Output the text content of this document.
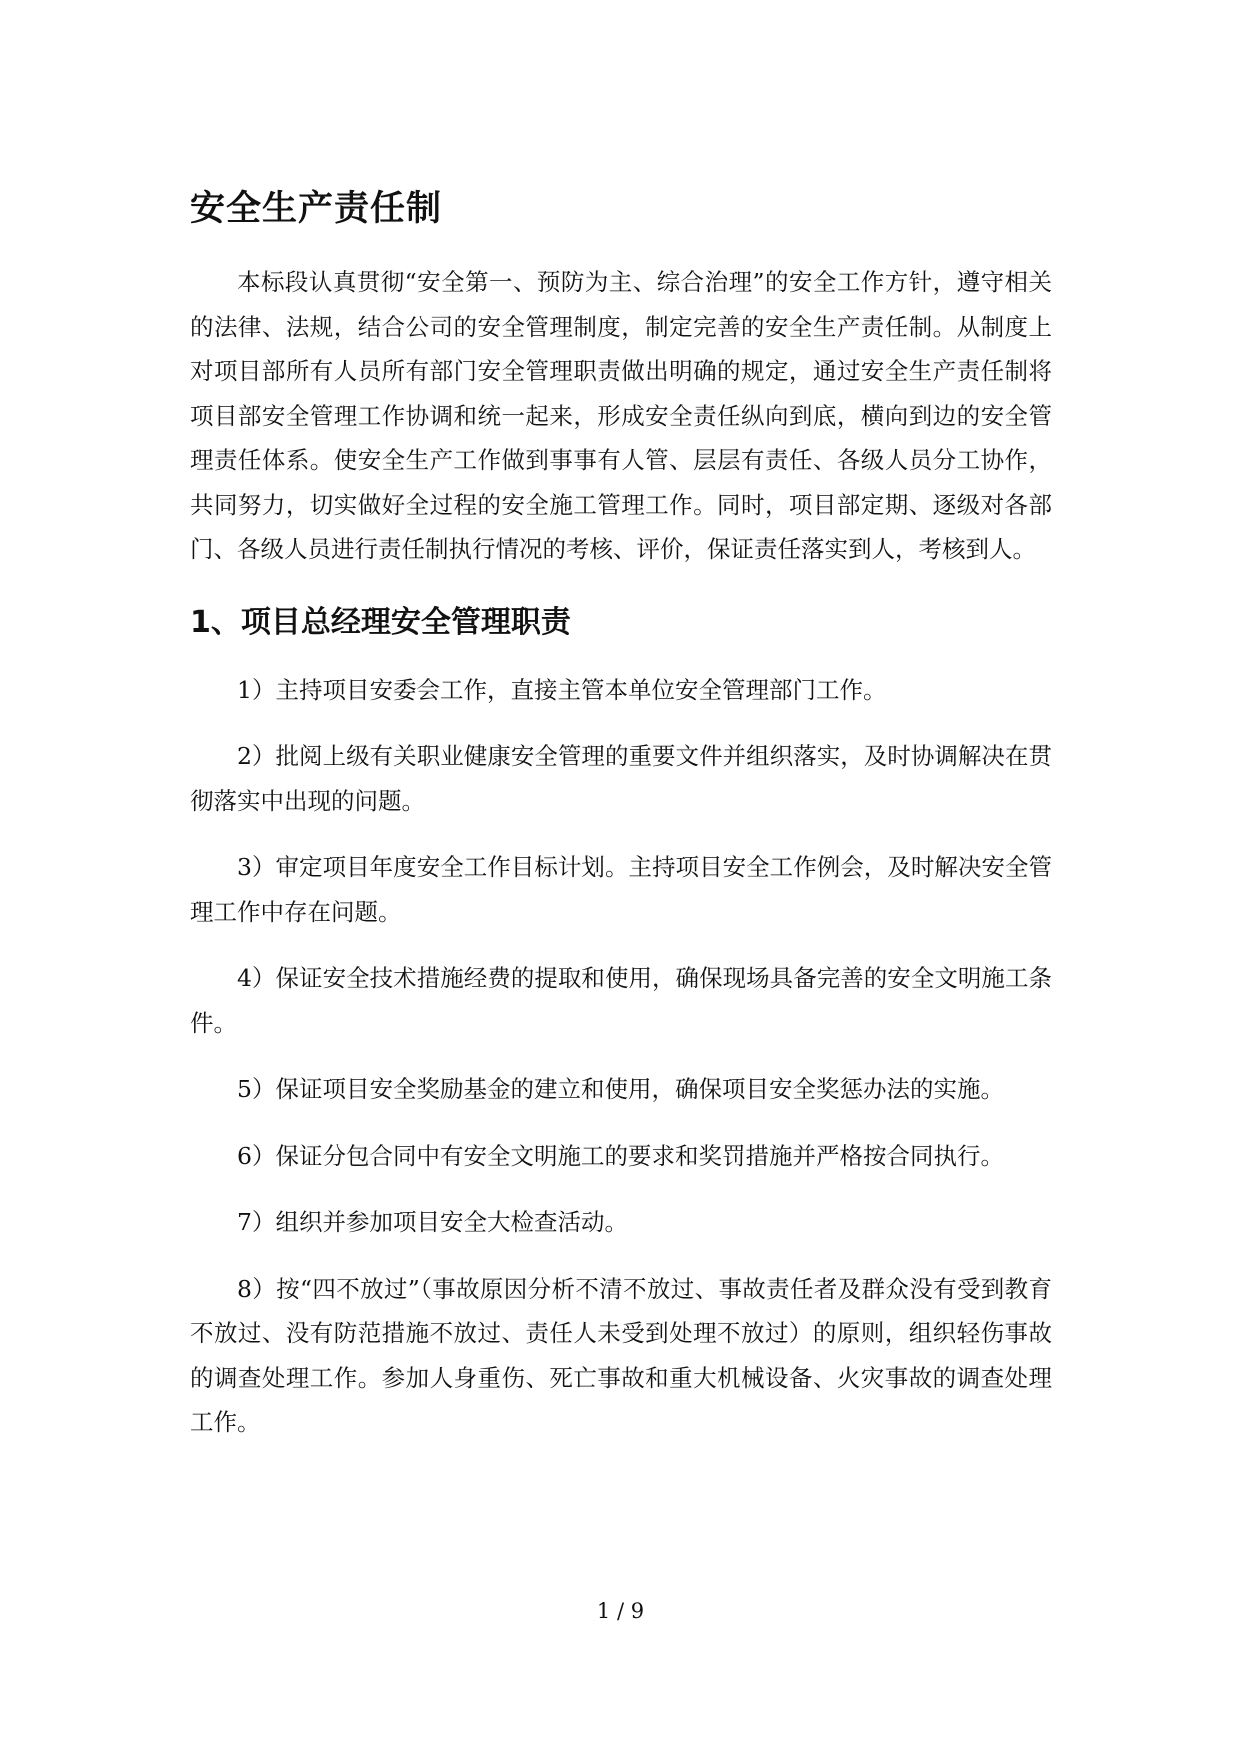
安全生产责任制

本标段认真贯彻“安全第一、预防为主、综合治理”的安全工作方针，遵守相关的法律、法规，结合公司的安全管理制度，制定完善的安全生产责任制。从制度上对项目部所有人员所有部门安全管理职责做出明确的规定，通过安全生产责任制将项目部安全管理工作协调和统一起来，形成安全责任纵向到底，横向到边的安全管理责任体系。使安全生产工作做到事事有人管、层层有责任、各级人员分工协作，共同努力，切实做好全过程的安全施工管理工作。同时，项目部定期、逐级对各部门、各级人员进行责任制执行情况的考核、评价，保证责任落实到人，考核到人。

1、项目总经理安全管理职责

1）主持项目安委会工作，直接主管本单位安全管理部门工作。

2）批阅上级有关职业健康安全管理的重要文件并组织落实，及时协调解决在贯彻落实中出现的问题。

3）审定项目年度安全工作目标计划。主持项目安全工作例会，及时解决安全管理工作中存在问题。

4）保证安全技术措施经费的提取和使用，确保现场具备完善的安全文明施工条件。

5）保证项目安全奖励基金的建立和使用，确保项目安全奖惩办法的实施。

6）保证分包合同中有安全文明施工的要求和奖罚措施并严格按合同执行。

7）组织并参加项目安全大检查活动。

8）按“四不放过”（事故原因分析不清不放过、事故责任者及群众没有受到教育不放过、没有防范措施不放过、责任人未受到处理不放过）的原则，组织轻伤事故的调查处理工作。参加人身重伤、死亡事故和重大机械设备、火灾事故的调查处理工作。

1 / 9
